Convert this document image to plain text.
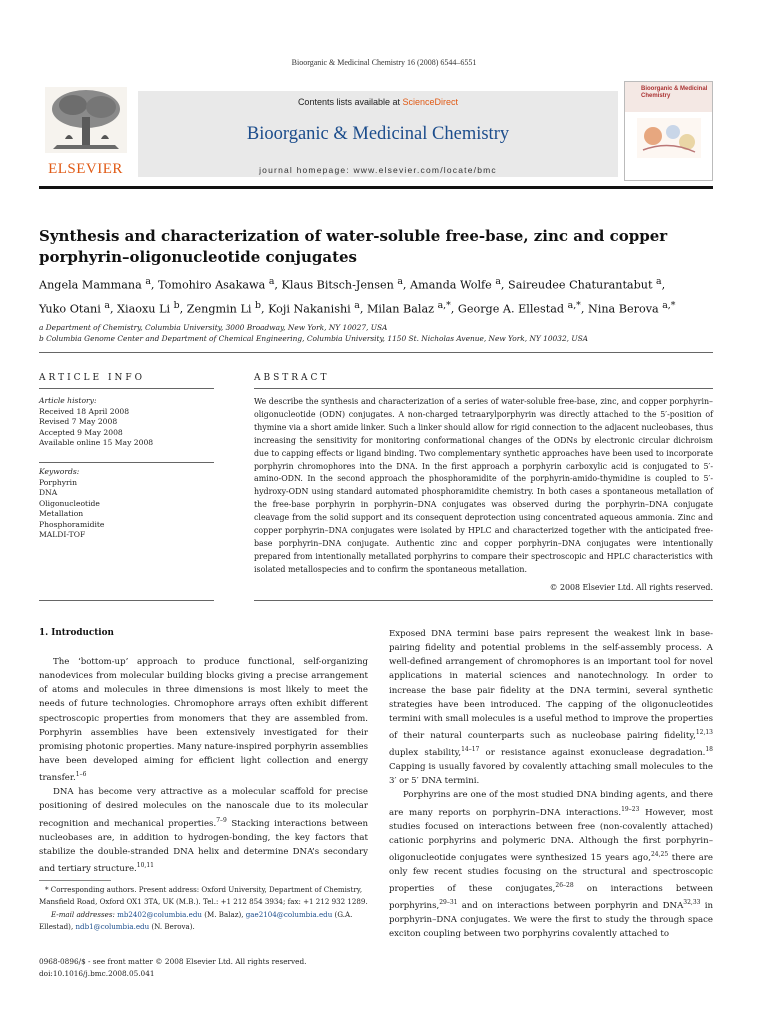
Bioorganic & Medicinal Chemistry 16 (2008) 6544–6551
ELSEVIER
Contents lists available at ScienceDirect
Bioorganic & Medicinal Chemistry
journal homepage: www.elsevier.com/locate/bmc
Bioorganic & Medicinal
Chemistry
Synthesis and characterization of water-soluble free-base, zinc and copper
porphyrin–oligonucleotide conjugates
Angela Mammana $^a$, Tomohiro Asakawa $^a$, Klaus Bitsch-Jensen $^a$, Amanda Wolfe $^a$, Saireudee Chaturantabut $^a$,
Yuko Otani $^a$, Xiaoxu Li $^b$, Zengmin Li $^b$, Koji Nakanishi $^a$, Milan Balaz $^{a,*}$, George A. Ellestad $^{a,*}$, Nina Berova $^{a,*}$
a Department of Chemistry, Columbia University, 3000 Broadway, New York, NY 10027, USA
b Columbia Genome Center and Department of Chemical Engineering, Columbia University, 1150 St. Nicholas Avenue, New York, NY 10032, USA
ARTICLE INFO	ABSTRACT
Article history:
Received 18 April 2008
Revised 7 May 2008
Accepted 9 May 2008
Available online 15 May 2008
Keywords:
Porphyrin
DNA
Oligonucleotide
Metallation
Phosphoramidite
MALDI-TOF
We describe the synthesis and characterization of a series of water-soluble free-base, zinc, and copper porphyrin–oligonucleotide (ODN) conjugates. A non-charged tetraarylporphyrin was directly attached to the 5′-position of thymine via a short amide linker. Such a linker should allow for rigid connection to the adjacent nucleobases, thus increasing the sensitivity for monitoring conformational changes of the ODNs by electronic circular dichroism due to capping effects or ligand binding. Two complementary synthetic approaches have been used to incorporate porphyrin chromophores into the DNA. In the first approach a porphyrin carboxylic acid is conjugated to 5′-amino-ODN. In the second approach the phosphoramidite of the porphyrin-amido-thymidine is coupled to 5′-hydroxy-ODN using standard automated phosphoramidite chemistry. In both cases a spontaneous metallation of the free-base porphyrin in porphyrin–DNA conjugates was observed during the porphyrin–DNA conjugate cleavage from the solid support and its consequent deprotection using concentrated aqueous ammonia. Zinc and copper porphyrin–DNA conjugates were isolated by HPLC and characterized together with the anticipated free-base porphyrin–DNA conjugate. Authentic zinc and copper porphyrin–DNA conjugates were intentionally prepared from intentionally metallated porphyrins to compare their spectroscopic and HPLC characteristics with isolated metallospecies and to confirm the spontaneous metallation.
© 2008 Elsevier Ltd. All rights reserved.
1. Introduction

The ‘bottom-up’ approach to produce functional, self-organizing nanodevices from molecular building blocks giving a precise arrangement of atoms and molecules in three dimensions is most likely to meet the needs of future technologies. Chromophore arrays often exhibit different spectroscopic properties from monomers that they are assembled from. Porphyrin assemblies have been extensively investigated for their promising photonic properties. Many nature-inspired porphyrin assemblies have been developed aiming for efficient light collection and energy transfer.$^{1-6}$

DNA has become very attractive as a molecular scaffold for precise positioning of desired molecules on the nanoscale due to its molecular recognition and mechanical properties.$^{7-9}$ Stacking interactions between nucleobases are, in addition to hydrogen-bonding, the key factors that stabilize the double-stranded DNA helix and determine DNA’s secondary and tertiary structure.$^{10,11}$

* Corresponding authors. Present address: Oxford University, Department of Chemistry, Mansfield Road, Oxford OX1 3TA, UK (M.B.). Tel.: +1 212 854 3934; fax: +1 212 932 1289.
E-mail addresses: mb2402@columbia.edu (M. Balaz), gae2104@columbia.edu (G.A. Ellestad), ndb1@columbia.edu (N. Berova).
0968-0896/$ - see front matter © 2008 Elsevier Ltd. All rights reserved.
doi:10.1016/j.bmc.2008.05.041
Exposed DNA termini base pairs represent the weakest link in base-pairing fidelity and potential problems in the self-assembly process. A well-defined arrangement of chromophores is an important tool for novel applications in material sciences and nanotechnology. In order to increase the base pair fidelity at the DNA termini, several synthetic strategies have been introduced. The capping of the oligonucleotides termini with small molecules is a useful method to improve the properties of their natural counterparts such as nucleobase pairing fidelity,$^{12,13}$ duplex stability,$^{14-17}$ or resistance against exonuclease degradation.$^{18}$ Capping is usually favored by covalently attaching small molecules to the 3′ or 5′ DNA termini.

Porphyrins are one of the most studied DNA binding agents, and there are many reports on porphyrin–DNA interactions.$^{19-23}$ However, most studies focused on interactions between free (non-covalently attached) cationic porphyrins and polymeric DNA. Although the first porphyrin–oligonucleotide conjugates were synthesized 15 years ago,$^{24,25}$ there are only few recent studies focusing on the structural and spectroscopic properties of these conjugates,$^{26-28}$ on interactions between porphyrins,$^{29-31}$ and on interactions between porphyrin and DNA$^{32,33}$ in porphyrin–DNA conjugates. We were the first to study the through space exciton coupling between two porphyrins covalently attached to
